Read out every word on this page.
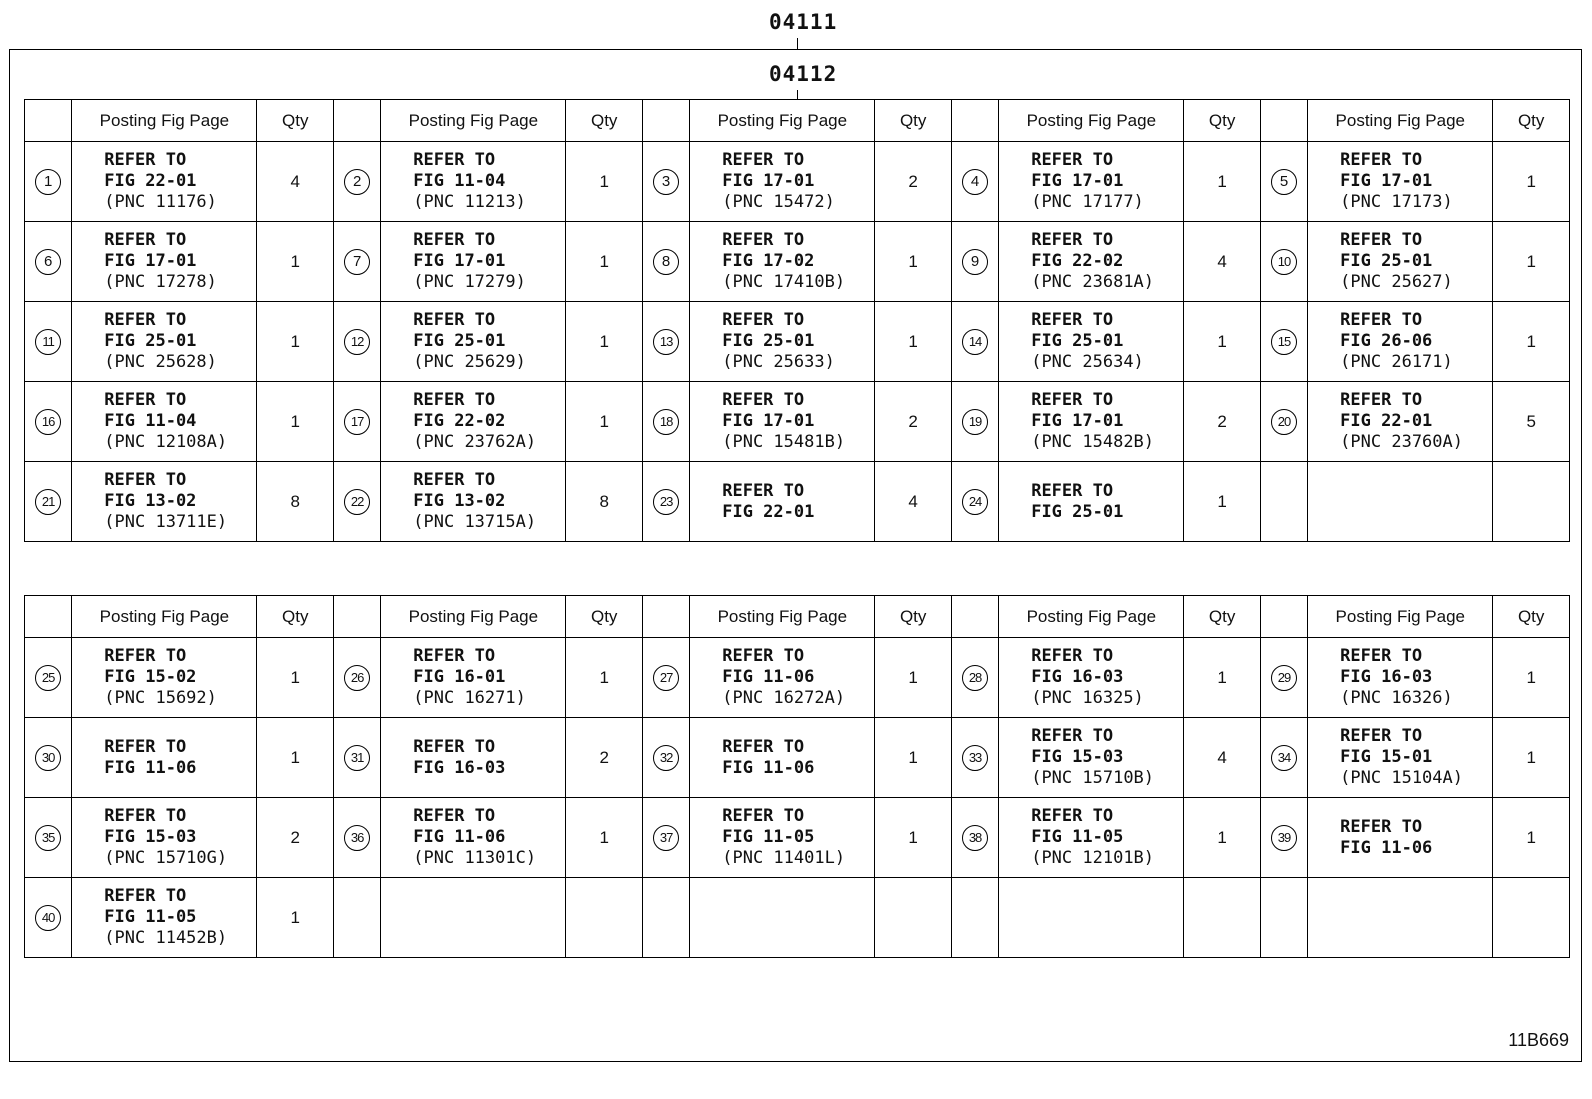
04111
11B669
04112
	Posting Fig Page	Qty		Posting Fig Page	Qty		Posting Fig Page	Qty		Posting Fig Page	Qty		Posting Fig Page	Qty
1	REFER TO
FIG 22-01
(PNC 11176)	4	2	REFER TO
FIG 11-04
(PNC 11213)	1	3	REFER TO
FIG 17-01
(PNC 15472)	2	4	REFER TO
FIG 17-01
(PNC 17177)	1	5	REFER TO
FIG 17-01
(PNC 17173)	1
6	REFER TO
FIG 17-01
(PNC 17278)	1	7	REFER TO
FIG 17-01
(PNC 17279)	1	8	REFER TO
FIG 17-02
(PNC 17410B)	1	9	REFER TO
FIG 22-02
(PNC 23681A)	4	10	REFER TO
FIG 25-01
(PNC 25627)	1
11	REFER TO
FIG 25-01
(PNC 25628)	1	12	REFER TO
FIG 25-01
(PNC 25629)	1	13	REFER TO
FIG 25-01
(PNC 25633)	1	14	REFER TO
FIG 25-01
(PNC 25634)	1	15	REFER TO
FIG 26-06
(PNC 26171)	1
16	REFER TO
FIG 11-04
(PNC 12108A)	1	17	REFER TO
FIG 22-02
(PNC 23762A)	1	18	REFER TO
FIG 17-01
(PNC 15481B)	2	19	REFER TO
FIG 17-01
(PNC 15482B)	2	20	REFER TO
FIG 22-01
(PNC 23760A)	5
21	REFER TO
FIG 13-02
(PNC 13711E)	8	22	REFER TO
FIG 13-02
(PNC 13715A)	8	23	REFER TO
FIG 22-01	4	24	REFER TO
FIG 25-01	1			
	Posting Fig Page	Qty		Posting Fig Page	Qty		Posting Fig Page	Qty		Posting Fig Page	Qty		Posting Fig Page	Qty
25	REFER TO
FIG 15-02
(PNC 15692)	1	26	REFER TO
FIG 16-01
(PNC 16271)	1	27	REFER TO
FIG 11-06
(PNC 16272A)	1	28	REFER TO
FIG 16-03
(PNC 16325)	1	29	REFER TO
FIG 16-03
(PNC 16326)	1
30	REFER TO
FIG 11-06	1	31	REFER TO
FIG 16-03	2	32	REFER TO
FIG 11-06	1	33	REFER TO
FIG 15-03
(PNC 15710B)	4	34	REFER TO
FIG 15-01
(PNC 15104A)	1
35	REFER TO
FIG 15-03
(PNC 15710G)	2	36	REFER TO
FIG 11-06
(PNC 11301C)	1	37	REFER TO
FIG 11-05
(PNC 11401L)	1	38	REFER TO
FIG 11-05
(PNC 12101B)	1	39	REFER TO
FIG 11-06	1
40	REFER TO
FIG 11-05
(PNC 11452B)	1												
